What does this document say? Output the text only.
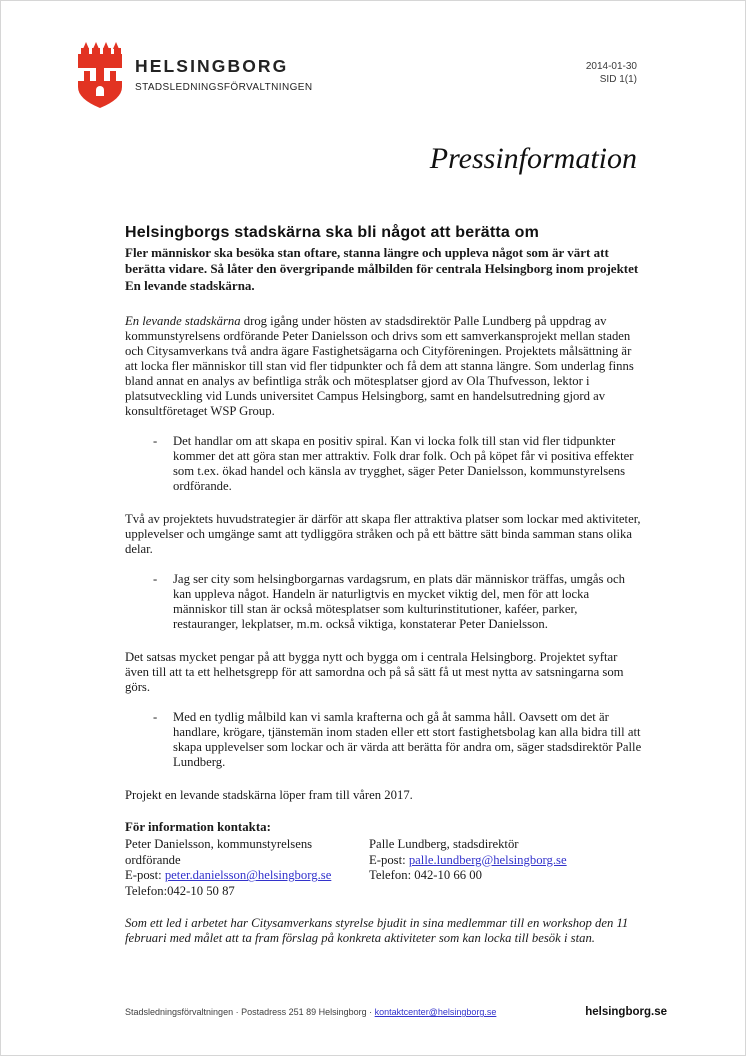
HELSINGBORG
STADSLEDNINGSFÖRVALTNINGEN
2014-01-30
SID 1(1)
Pressinformation
Helsingborgs stadskärna ska bli något att berätta om

Fler människor ska besöka stan oftare, stanna längre och uppleva något som är värt att berätta vidare. Så låter den övergripande målbilden för centrala Helsingborg inom projektet En levande stadskärna.

En levande stadskärna drog igång under hösten av stadsdirektör Palle Lundberg på uppdrag av kommunstyrelsens ordförande Peter Danielsson och drivs som ett samverkansprojekt mellan staden och Citysamverkans två andra ägare Fastighetsägarna och Cityföreningen. Projektets målsättning är att locka fler människor till stan vid fler tidpunkter och få dem att stanna längre. Som underlag finns bland annat en analys av befintliga stråk och mötesplatser gjord av Ola Thufvesson, lektor i platsutveckling vid Lunds universitet Campus Helsingborg, samt en handelsutredning gjord av konsultföretaget WSP Group.

-	Det handlar om att skapa en positiv spiral. Kan vi locka folk till stan vid fler tidpunkter kommer det att göra stan mer attraktiv. Folk drar folk. Och på köpet får vi positiva effekter som t.ex. ökad handel och känsla av trygghet, säger Peter Danielsson, kommunstyrelsens ordförande.

Två av projektets huvudstrategier är därför att skapa fler attraktiva platser som lockar med aktiviteter, upplevelser och umgänge samt att tydliggöra stråken och på ett bättre sätt binda samman stans olika delar.

-	Jag ser city som helsingborgarnas vardagsrum, en plats där människor träffas, umgås och kan uppleva något. Handeln är naturligtvis en mycket viktig del, men för att locka människor till stan är också mötesplatser som kulturinstitutioner, kaféer, parker, restauranger, lekplatser, m.m. också viktiga, konstaterar Peter Danielsson.

Det satsas mycket pengar på att bygga nytt och bygga om i centrala Helsingborg. Projektet syftar även till att ta ett helhetsgrepp för att samordna och på så sätt få ut mest nytta av satsningarna som görs.

-	Med en tydlig målbild kan vi samla krafterna och gå åt samma håll. Oavsett om det är handlare, krögare, tjänstemän inom staden eller ett stort fastighetsbolag kan alla bidra till att skapa upplevelser som lockar och är värda att berätta för andra om, säger stadsdirektör Palle Lundberg.

Projekt en levande stadskärna löper fram till våren 2017.

För information kontakta:

Peter Danielsson, kommunstyrelsens ordförande
E-post: peter.danielsson@helsingborg.se
Telefon:042-10 50 87
Palle Lundberg, stadsdirektör
E-post: palle.lundberg@helsingborg.se
Telefon: 042-10 66 00

Som ett led i arbetet har Citysamverkans styrelse bjudit in sina medlemmar till en workshop den 11 februari med målet att ta fram förslag på konkreta aktiviteter som kan locka till besök i stan.

Stadsledningsförvaltningen · Postadress 251 89 Helsingborg · kontaktcenter@helsingborg.se	helsingborg.se
